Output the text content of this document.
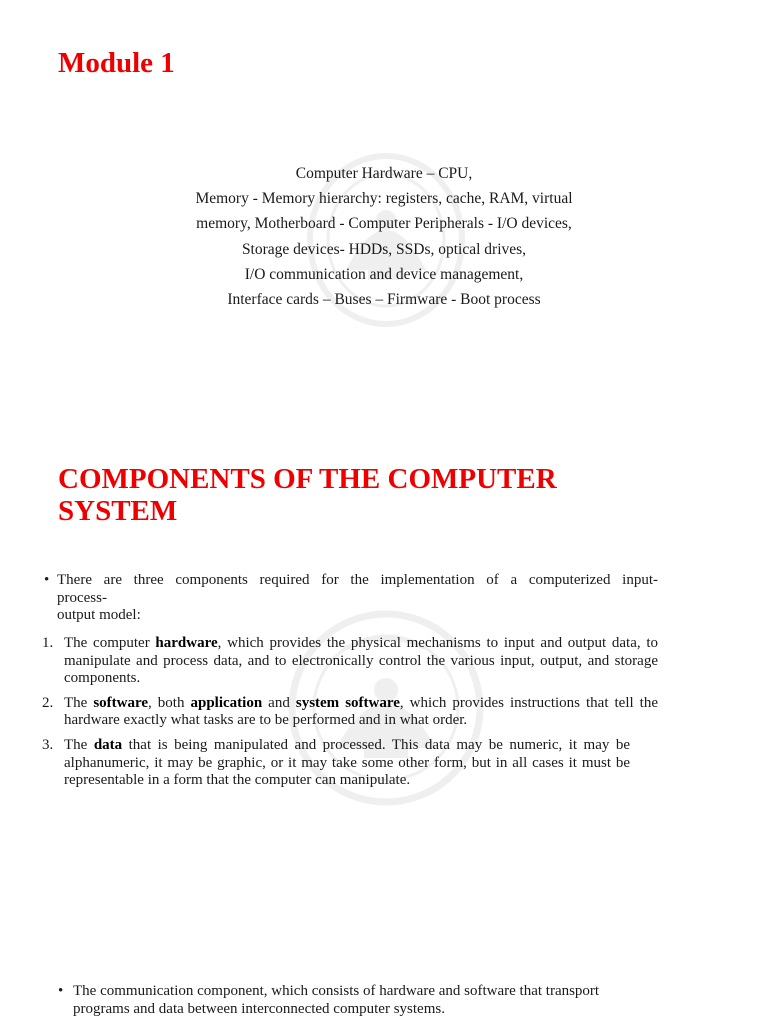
Module 1
Computer Hardware – CPU,
Memory - Memory hierarchy: registers, cache, RAM, virtual
memory, Motherboard - Computer Peripherals - I/O devices,
Storage devices- HDDs, SSDs, optical drives,
I/O communication and device management,
Interface cards – Buses – Firmware - Boot process
COMPONENTS OF THE COMPUTER SYSTEM
• There are three components required for the implementation of a computerized input-
process-
output model:
1. The computer hardware, which provides the physical mechanisms to input and output data, to manipulate and process data, and to electronically control the various input, output, and storage components.
2. The software, both application and system software, which provides instructions that tell the hardware exactly what tasks are to be performed and in what order.
3. The data that is being manipulated and processed. This data may be numeric, it may be alphanumeric, it may be graphic, or it may take some other form, but in all cases it must be representable in a form that the computer can manipulate.
• The communication component, which consists of hardware and software that transport programs and data between interconnected computer systems.
